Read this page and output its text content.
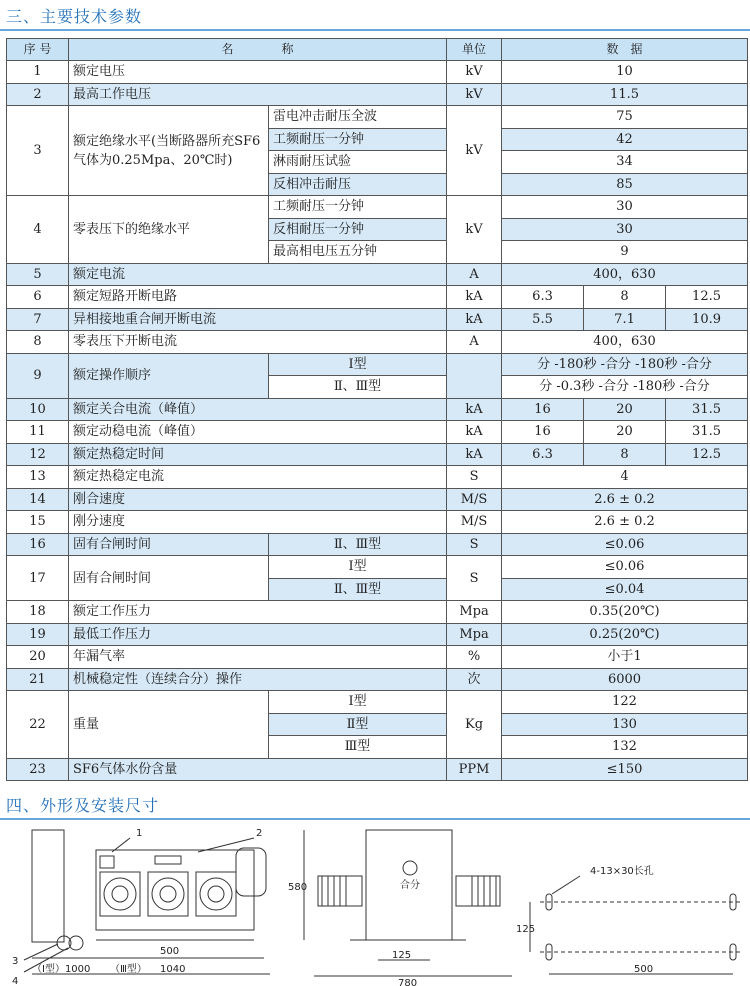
三、主要技术参数
序 号	名　　　　称		单位	数　据		
1	额定电压		kV	10		
2	最高工作电压		kV	11.5		
3	额定绝缘水平(当断路器所充SF6气体为0.25Mpa、20℃时)	雷电冲击耐压全波	kV	75		
		工频耐压一分钟		42		
		淋雨耐压试验		34		
		反相冲击耐压		85		
4	零表压下的绝缘水平	工频耐压一分钟	kV	30		
		反相耐压一分钟		30		
		最高相电压五分钟		9		
5	额定电流		A	400，630		
6	额定短路开断电路		kA	6.3	8	12.5
7	异相接地重合闸开断电流		kA	5.5	7.1	10.9
8	零表压下开断电流		A	400，630		
9	额定操作顺序	Ⅰ型		分 -180秒 -合分 -180秒 -合分		
		Ⅱ、Ⅲ型		分 -0.3秒 -合分 -180秒 -合分		
10	额定关合电流（峰值）		kA	16	20	31.5
11	额定动稳电流（峰值）		kA	16	20	31.5
12	额定热稳定时间		kA	6.3	8	12.5
13	额定热稳定电流		S	4		
14	刚合速度		M/S	2.6 ± 0.2		
15	刚分速度		M/S	2.6 ± 0.2		
16	固有合闸时间	Ⅱ、Ⅲ型	S	≤0.06		
17	固有合闸时间	Ⅰ型	S	≤0.06		
		Ⅱ、Ⅲ型		≤0.04		
18	额定工作压力		Mpa	0.35(20℃)		
19	最低工作压力		Mpa	0.25(20℃)		
20	年漏气率		%	小于1		
21	机械稳定性（连续合分）操作		次	6000		
22	重量	Ⅰ型	Kg	122		
		Ⅱ型		130		
		Ⅲ型		132		
23	SF6气体水份含量		PPM	≤150		
四、外形及安装尺寸
1	2
3
4
500
（Ⅰ型）1000 （Ⅲ型） 1040
580	合分
125
780
4-13×30长孔
125
500
